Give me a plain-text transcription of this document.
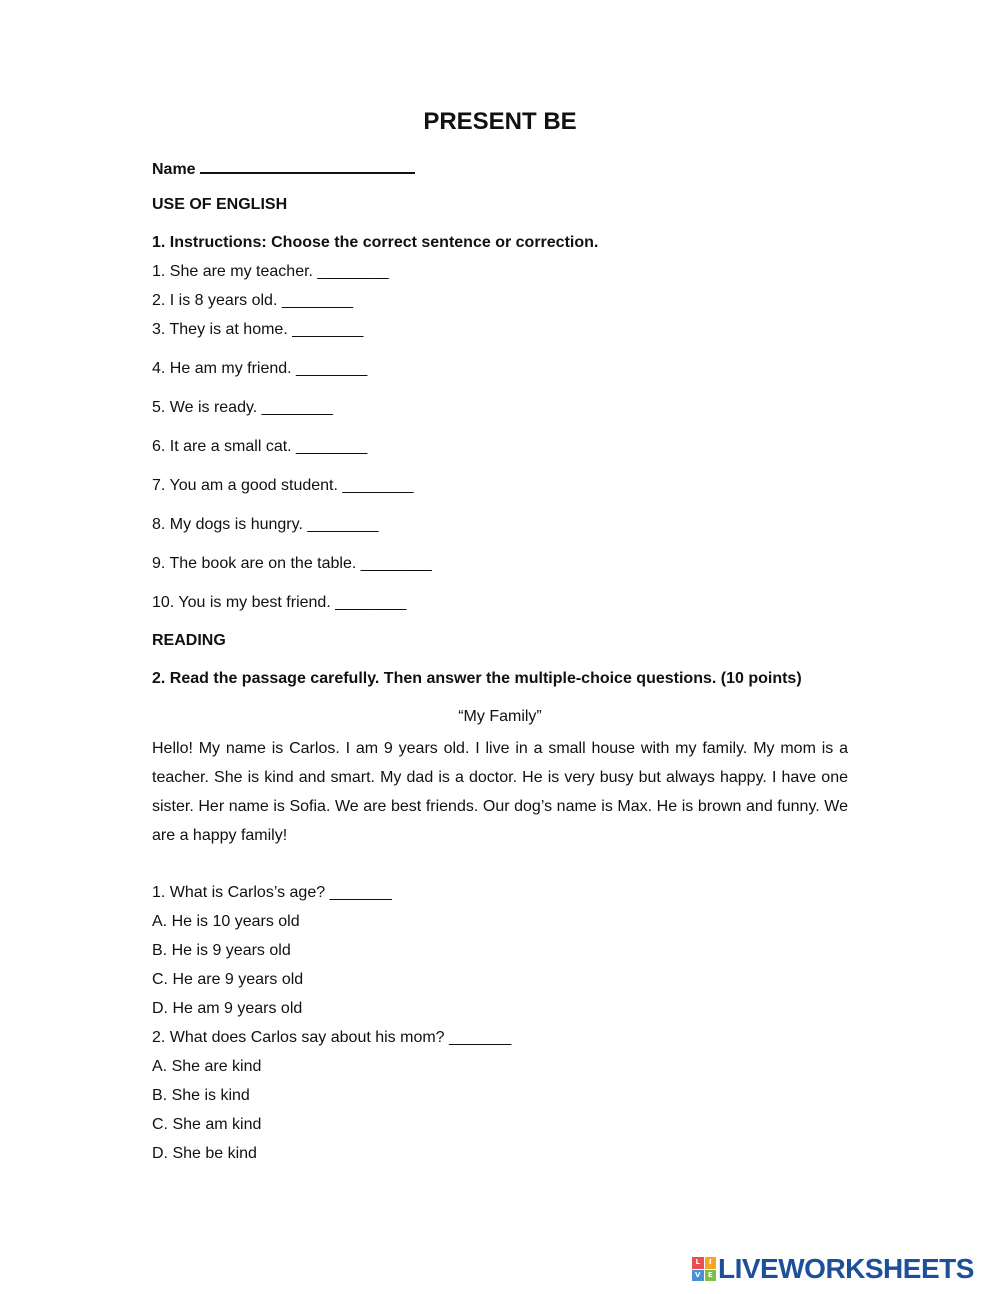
PRESENT BE
Name
USE OF ENGLISH
1. Instructions: Choose the correct sentence or correction.
1. She are my teacher. ________
2. I is 8 years old. ________
3. They is at home. ________
4. He am my friend. ________
5. We is ready. ________
6. It are a small cat. ________
7. You am a good student. ________
8. My dogs is hungry. ________
9. The book are on the table. ________
10. You is my best friend. ________
READING
2. Read the passage carefully. Then answer the multiple-choice questions. (10 points)
“My Family”
Hello! My name is Carlos. I am 9 years old. I live in a small house with my family. My mom is a teacher. She is kind and smart. My dad is a doctor. He is very busy but always happy. I have one sister. Her name is Sofia. We are best friends. Our dog’s name is Max. He is brown and funny. We are a happy family!
1. What is Carlos’s age? _______
A. He is 10 years old
B. He is 9 years old
C. He are 9 years old
D. He am 9 years old
2. What does Carlos say about his mom? _______
A. She are kind
B. She is kind
C. She am kind
D. She be kind
L	I
V	E LIVEWORKSHEETS
